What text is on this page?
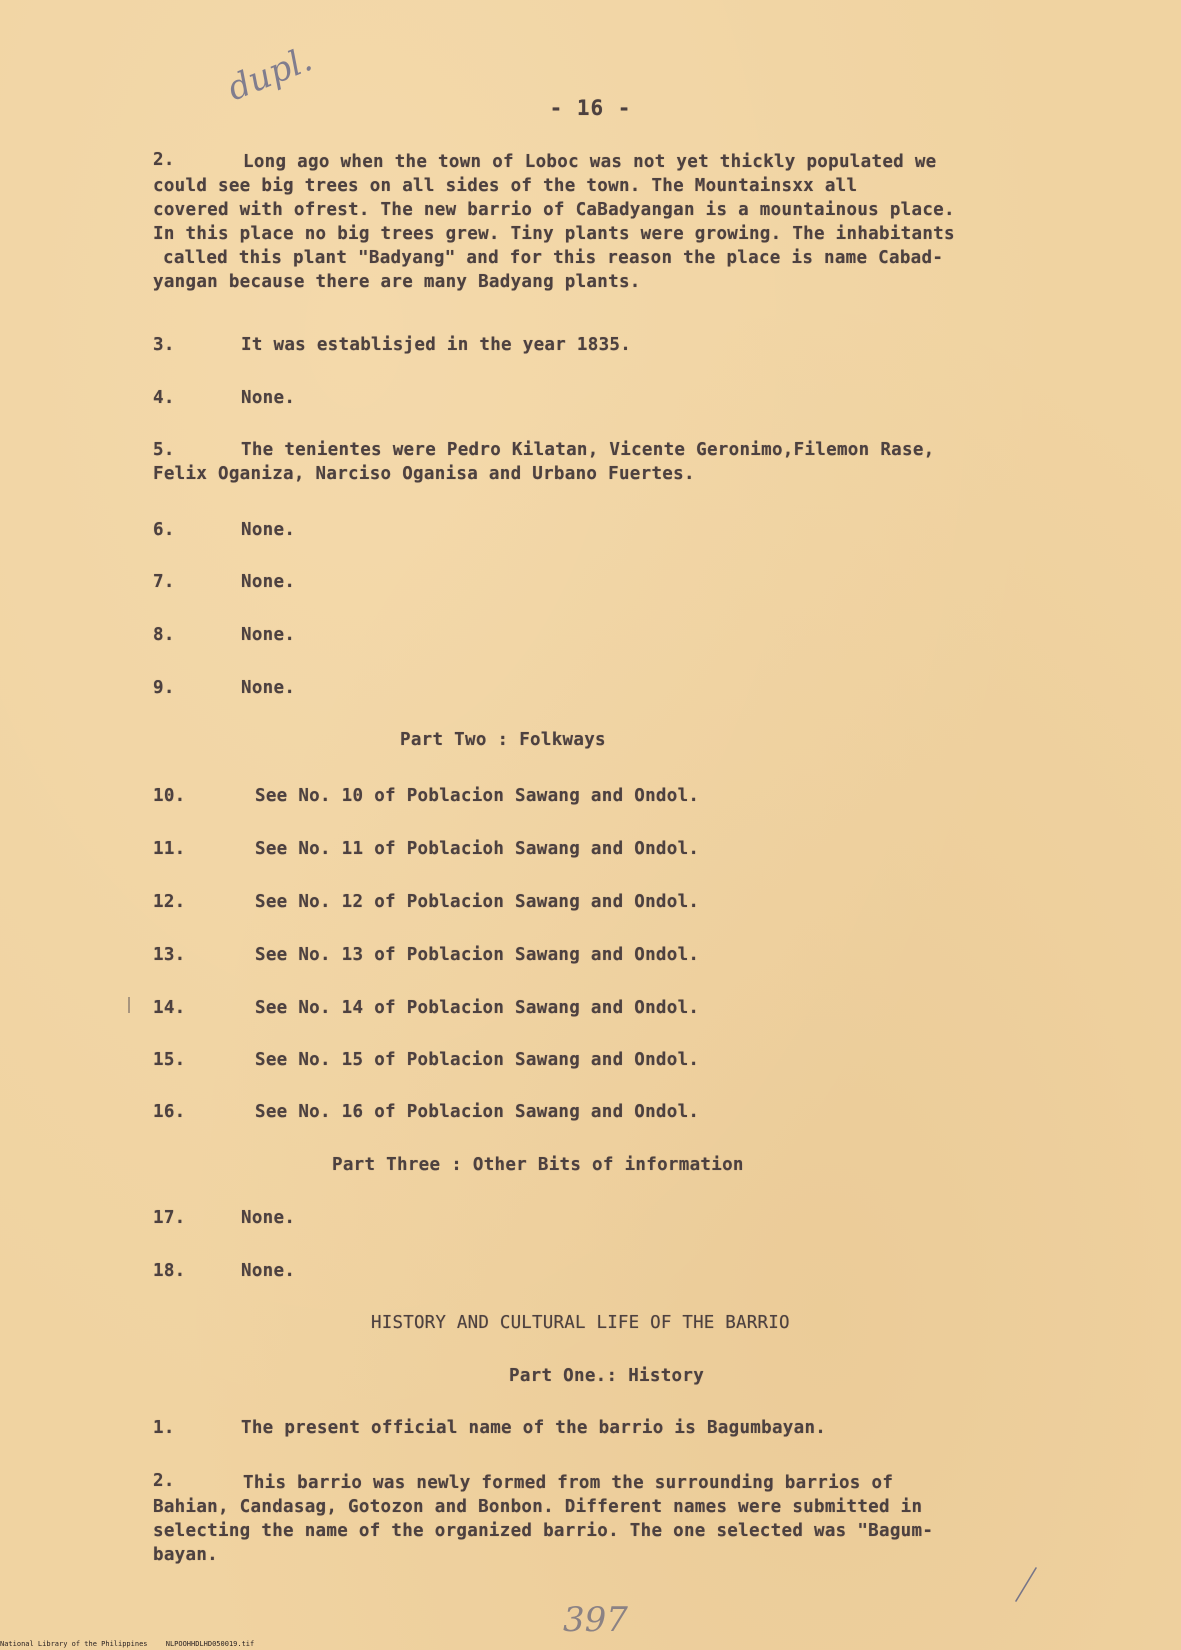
dupl.	- 16 -
2.	Long ago when the town of Loboc was not yet thickly populated we
could see big trees on all sides of the town. The Mountainsxx all
covered with ofrest. The new barrio of CaBadyangan is a mountainous place.
In this place no big trees grew. Tiny plants were growing. The inhabitants
called this plant "Badyang" and for this reason the place is name Cabad-
yangan because there are many Badyang plants.
3.	It was establisjed in the year 1835.
4.	None.
5.	The tenientes were Pedro Kilatan, Vicente Geronimo,Filemon Rase,
Felix Oganiza, Narciso Oganisa and Urbano Fuertes.
6.	None.
7.	None.
8.	None.
9.	None.
Part Two : Folkways
10.	See No. 10 of Poblacion Sawang and Ondol.
11.	See No. 11 of Poblacioh Sawang and Ondol.
12.	See No. 12 of Poblacion Sawang and Ondol.
13.	See No. 13 of Poblacion Sawang and Ondol.
14.	See No. 14 of Poblacion Sawang and Ondol.
15.	See No. 15 of Poblacion Sawang and Ondol.
16.	See No. 16 of Poblacion Sawang and Ondol.
Part Three : Other Bits of information
17.	None.
18.	None.
HISTORY AND CULTURAL LIFE OF THE BARRIO
Part One.: History
1.	The present official name of the barrio is Bagumbayan.
2.	This barrio was newly formed from the surrounding barrios of
Bahian, Candasag, Gotozon and Bonbon. Different names were submitted in
selecting the name of the organized barrio. The one selected was "Bagum-
bayan.
397
National Library of the Philippines	NLPOOHHDLHD050019.tif
